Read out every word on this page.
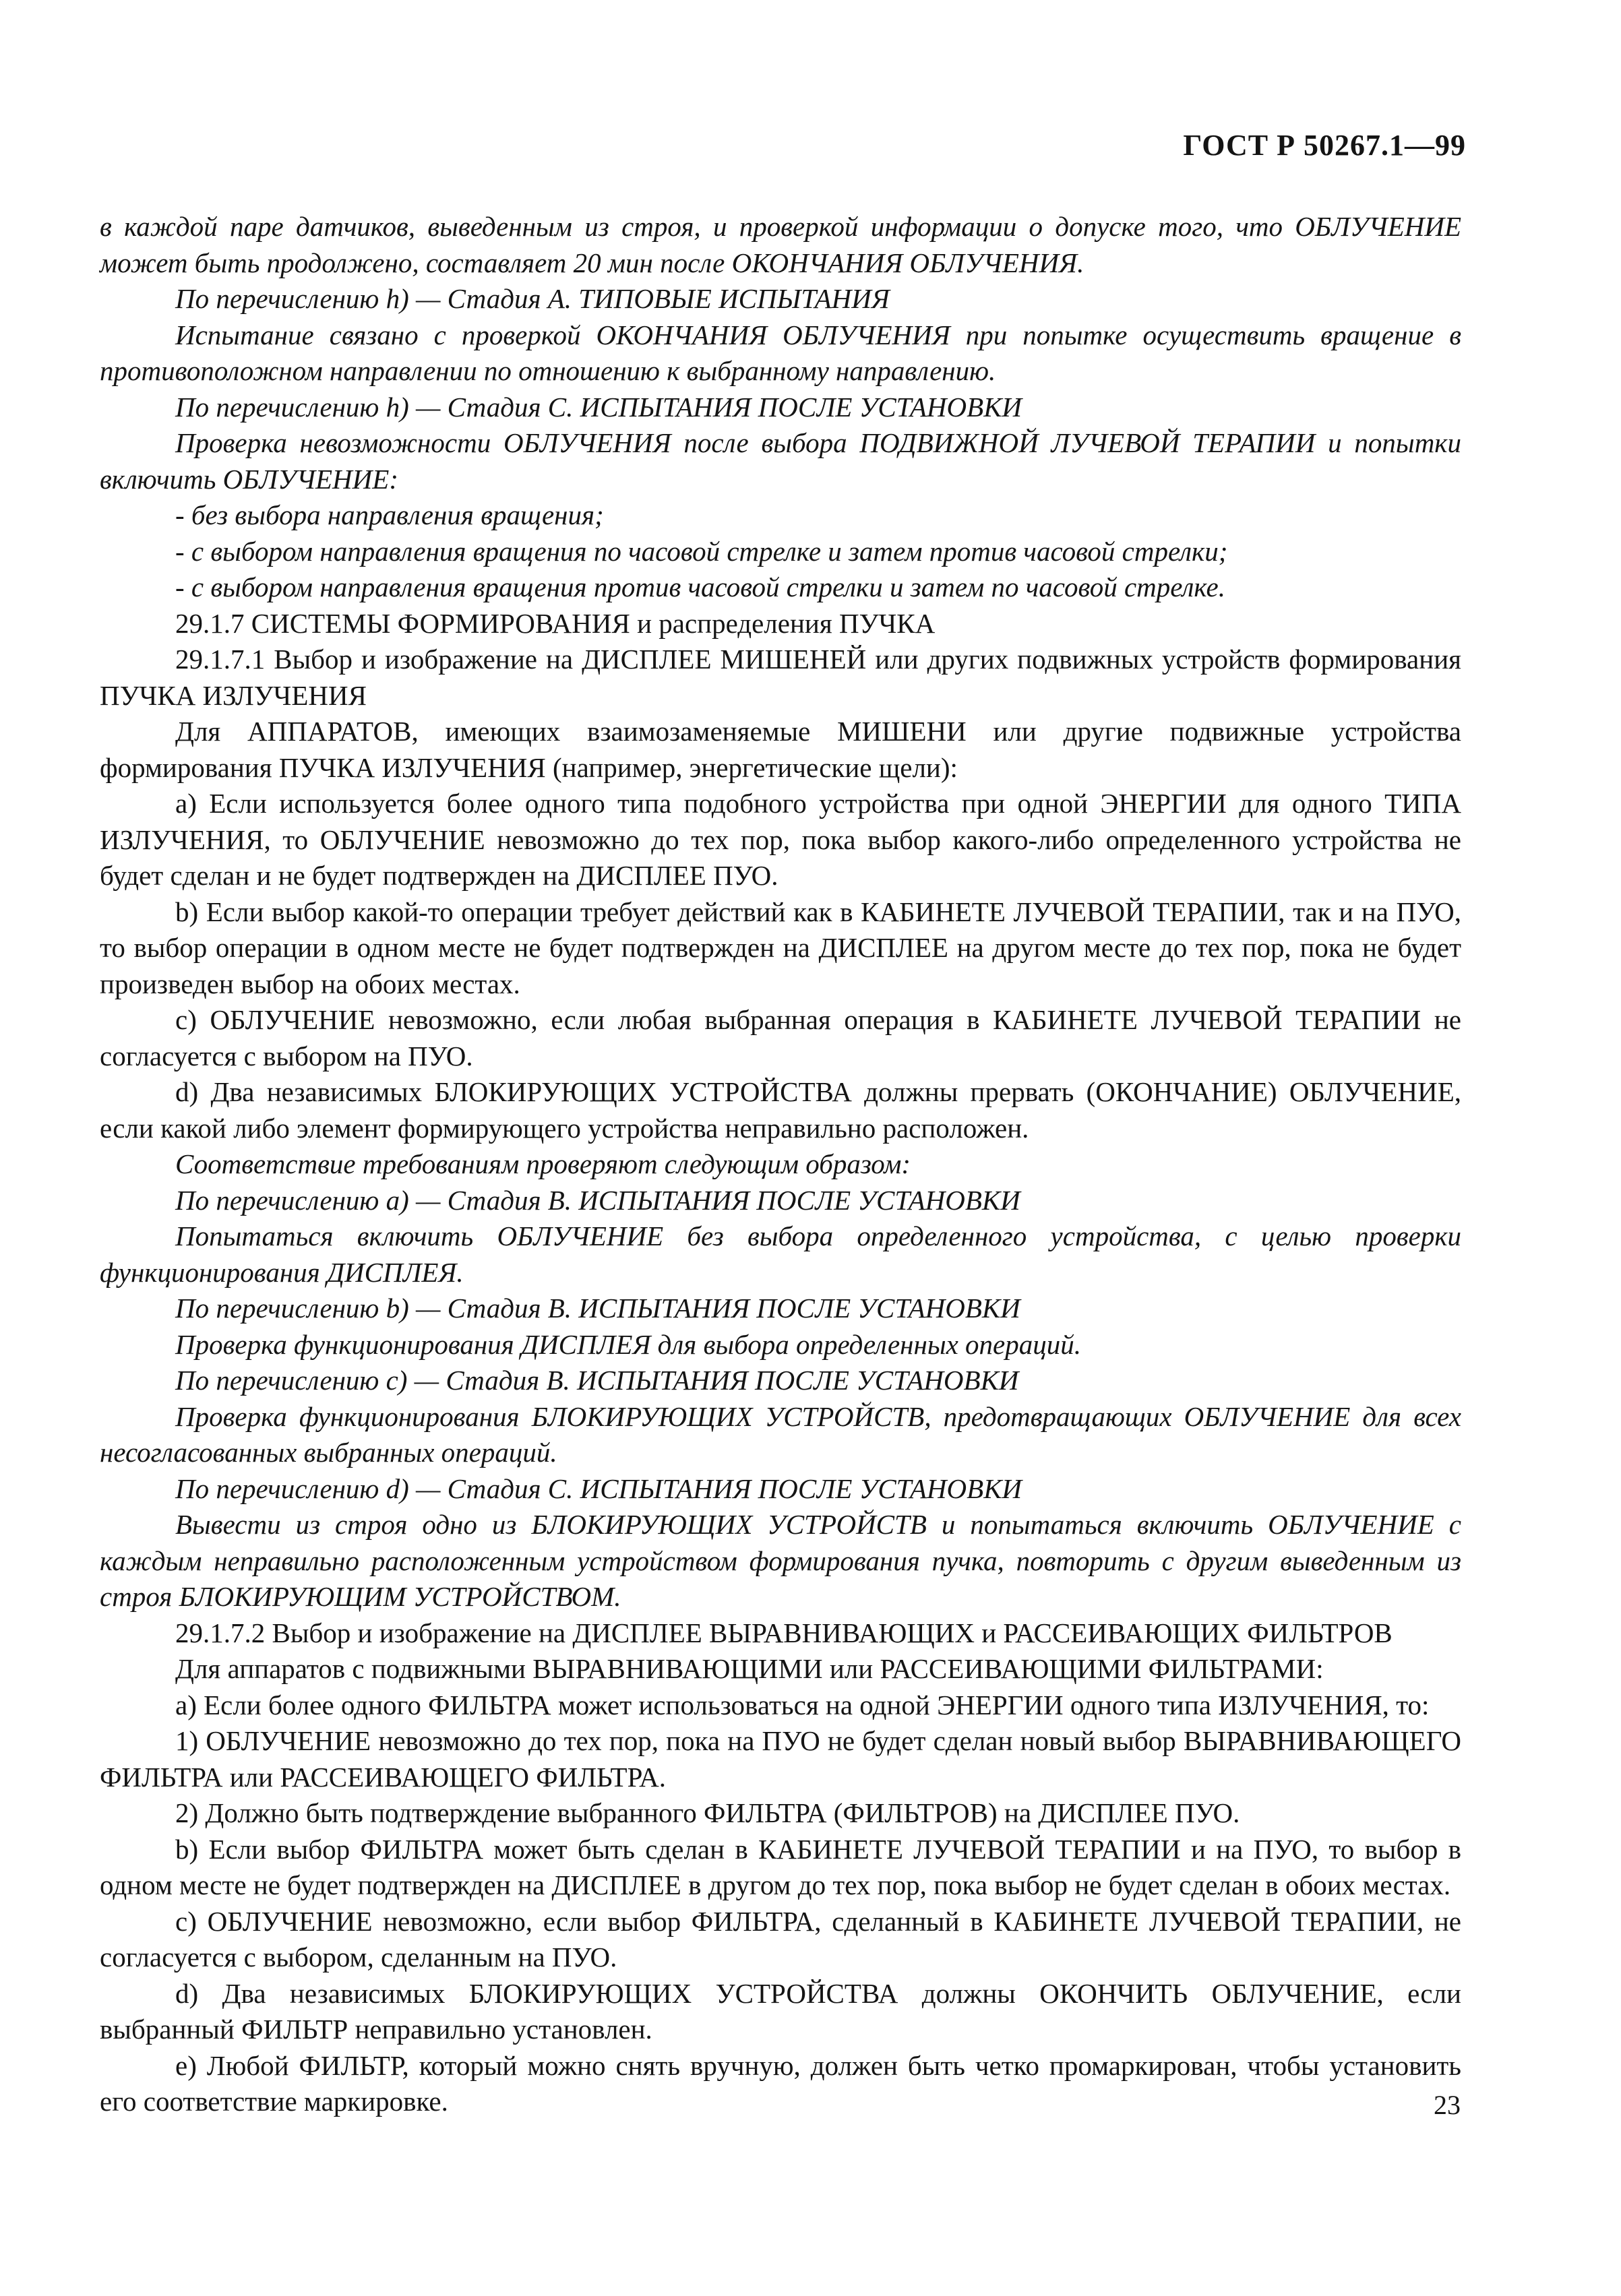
ГОСТ Р 50267.1—99

в каждой паре датчиков, выведенным из строя, и проверкой информации о допуске того, что ОБЛУЧЕНИЕ может быть продолжено, составляет 20 мин после ОКОНЧАНИЯ ОБЛУЧЕНИЯ.

По перечислению h) — Стадия А. ТИПОВЫЕ ИСПЫТАНИЯ

Испытание связано с проверкой ОКОНЧАНИЯ ОБЛУЧЕНИЯ при попытке осуществить вращение в противоположном направлении по отношению к выбранному направлению.

По перечислению h) — Стадия С. ИСПЫТАНИЯ ПОСЛЕ УСТАНОВКИ

Проверка невозможности ОБЛУЧЕНИЯ после выбора ПОДВИЖНОЙ ЛУЧЕВОЙ ТЕРАПИИ и попытки включить ОБЛУЧЕНИЕ:

- без выбора направления вращения;

- с выбором направления вращения по часовой стрелке и затем против часовой стрелки;

- с выбором направления вращения против часовой стрелки и затем по часовой стрелке.

29.1.7 СИСТЕМЫ ФОРМИРОВАНИЯ и распределения ПУЧКА

29.1.7.1 Выбор и изображение на ДИСПЛЕЕ МИШЕНЕЙ или других подвижных устройств формирования ПУЧКА ИЗЛУЧЕНИЯ

Для АППАРАТОВ, имеющих взаимозаменяемые МИШЕНИ или другие подвижные устройства формирования ПУЧКА ИЗЛУЧЕНИЯ (например, энергетические щели):

а) Если используется более одного типа подобного устройства при одной ЭНЕРГИИ для одного ТИПА ИЗЛУЧЕНИЯ, то ОБЛУЧЕНИЕ невозможно до тех пор, пока выбор какого-либо определенного устройства не будет сделан и не будет подтвержден на ДИСПЛЕЕ ПУО.

b) Если выбор какой-то операции требует действий как в КАБИНЕТЕ ЛУЧЕВОЙ ТЕРАПИИ, так и на ПУО, то выбор операции в одном месте не будет подтвержден на ДИСПЛЕЕ на другом месте до тех пор, пока не будет произведен выбор на обоих местах.

с) ОБЛУЧЕНИЕ невозможно, если любая выбранная операция в КАБИНЕТЕ ЛУЧЕВОЙ ТЕРАПИИ не согласуется с выбором на ПУО.

d) Два независимых БЛОКИРУЮЩИХ УСТРОЙСТВА должны прервать (ОКОНЧАНИЕ) ОБЛУЧЕНИЕ, если какой либо элемент формирующего устройства неправильно расположен.

Соответствие требованиям проверяют следующим образом:

По перечислению а) — Стадия В. ИСПЫТАНИЯ ПОСЛЕ УСТАНОВКИ

Попытаться включить ОБЛУЧЕНИЕ без выбора определенного устройства, с целью проверки функционирования ДИСПЛЕЯ.

По перечислению b) — Стадия В. ИСПЫТАНИЯ ПОСЛЕ УСТАНОВКИ

Проверка функционирования ДИСПЛЕЯ для выбора определенных операций.

По перечислению с) — Стадия В. ИСПЫТАНИЯ ПОСЛЕ УСТАНОВКИ

Проверка функционирования БЛОКИРУЮЩИХ УСТРОЙСТВ, предотвращающих ОБЛУЧЕНИЕ для всех несогласованных выбранных операций.

По перечислению d) — Стадия С. ИСПЫТАНИЯ ПОСЛЕ УСТАНОВКИ

Вывести из строя одно из БЛОКИРУЮЩИХ УСТРОЙСТВ и попытаться включить ОБЛУЧЕНИЕ с каждым неправильно расположенным устройством формирования пучка, повторить с другим выведенным из строя БЛОКИРУЮЩИМ УСТРОЙСТВОМ.

29.1.7.2 Выбор и изображение на ДИСПЛЕЕ ВЫРАВНИВАЮЩИХ и РАССЕИВАЮЩИХ ФИЛЬТРОВ

Для аппаратов с подвижными ВЫРАВНИВАЮЩИМИ или РАССЕИВАЮЩИМИ ФИЛЬТРАМИ:

а) Если более одного ФИЛЬТРА может использоваться на одной ЭНЕРГИИ одного типа ИЗЛУЧЕНИЯ, то:

1) ОБЛУЧЕНИЕ невозможно до тех пор, пока на ПУО не будет сделан новый выбор ВЫРАВНИВАЮЩЕГО ФИЛЬТРА или РАССЕИВАЮЩЕГО ФИЛЬТРА.

2) Должно быть подтверждение выбранного ФИЛЬТРА (ФИЛЬТРОВ) на ДИСПЛЕЕ ПУО.

b) Если выбор ФИЛЬТРА может быть сделан в КАБИНЕТЕ ЛУЧЕВОЙ ТЕРАПИИ и на ПУО, то выбор в одном месте не будет подтвержден на ДИСПЛЕЕ в другом до тех пор, пока выбор не будет сделан в обоих местах.

с) ОБЛУЧЕНИЕ невозможно, если выбор ФИЛЬТРА, сделанный в КАБИНЕТЕ ЛУЧЕВОЙ ТЕРАПИИ, не согласуется с выбором, сделанным на ПУО.

d) Два независимых БЛОКИРУЮЩИХ УСТРОЙСТВА должны ОКОНЧИТЬ ОБЛУЧЕНИЕ, если выбранный ФИЛЬТР неправильно установлен.

е) Любой ФИЛЬТР, который можно снять вручную, должен быть четко промаркирован, чтобы установить его соответствие маркировке.	23
